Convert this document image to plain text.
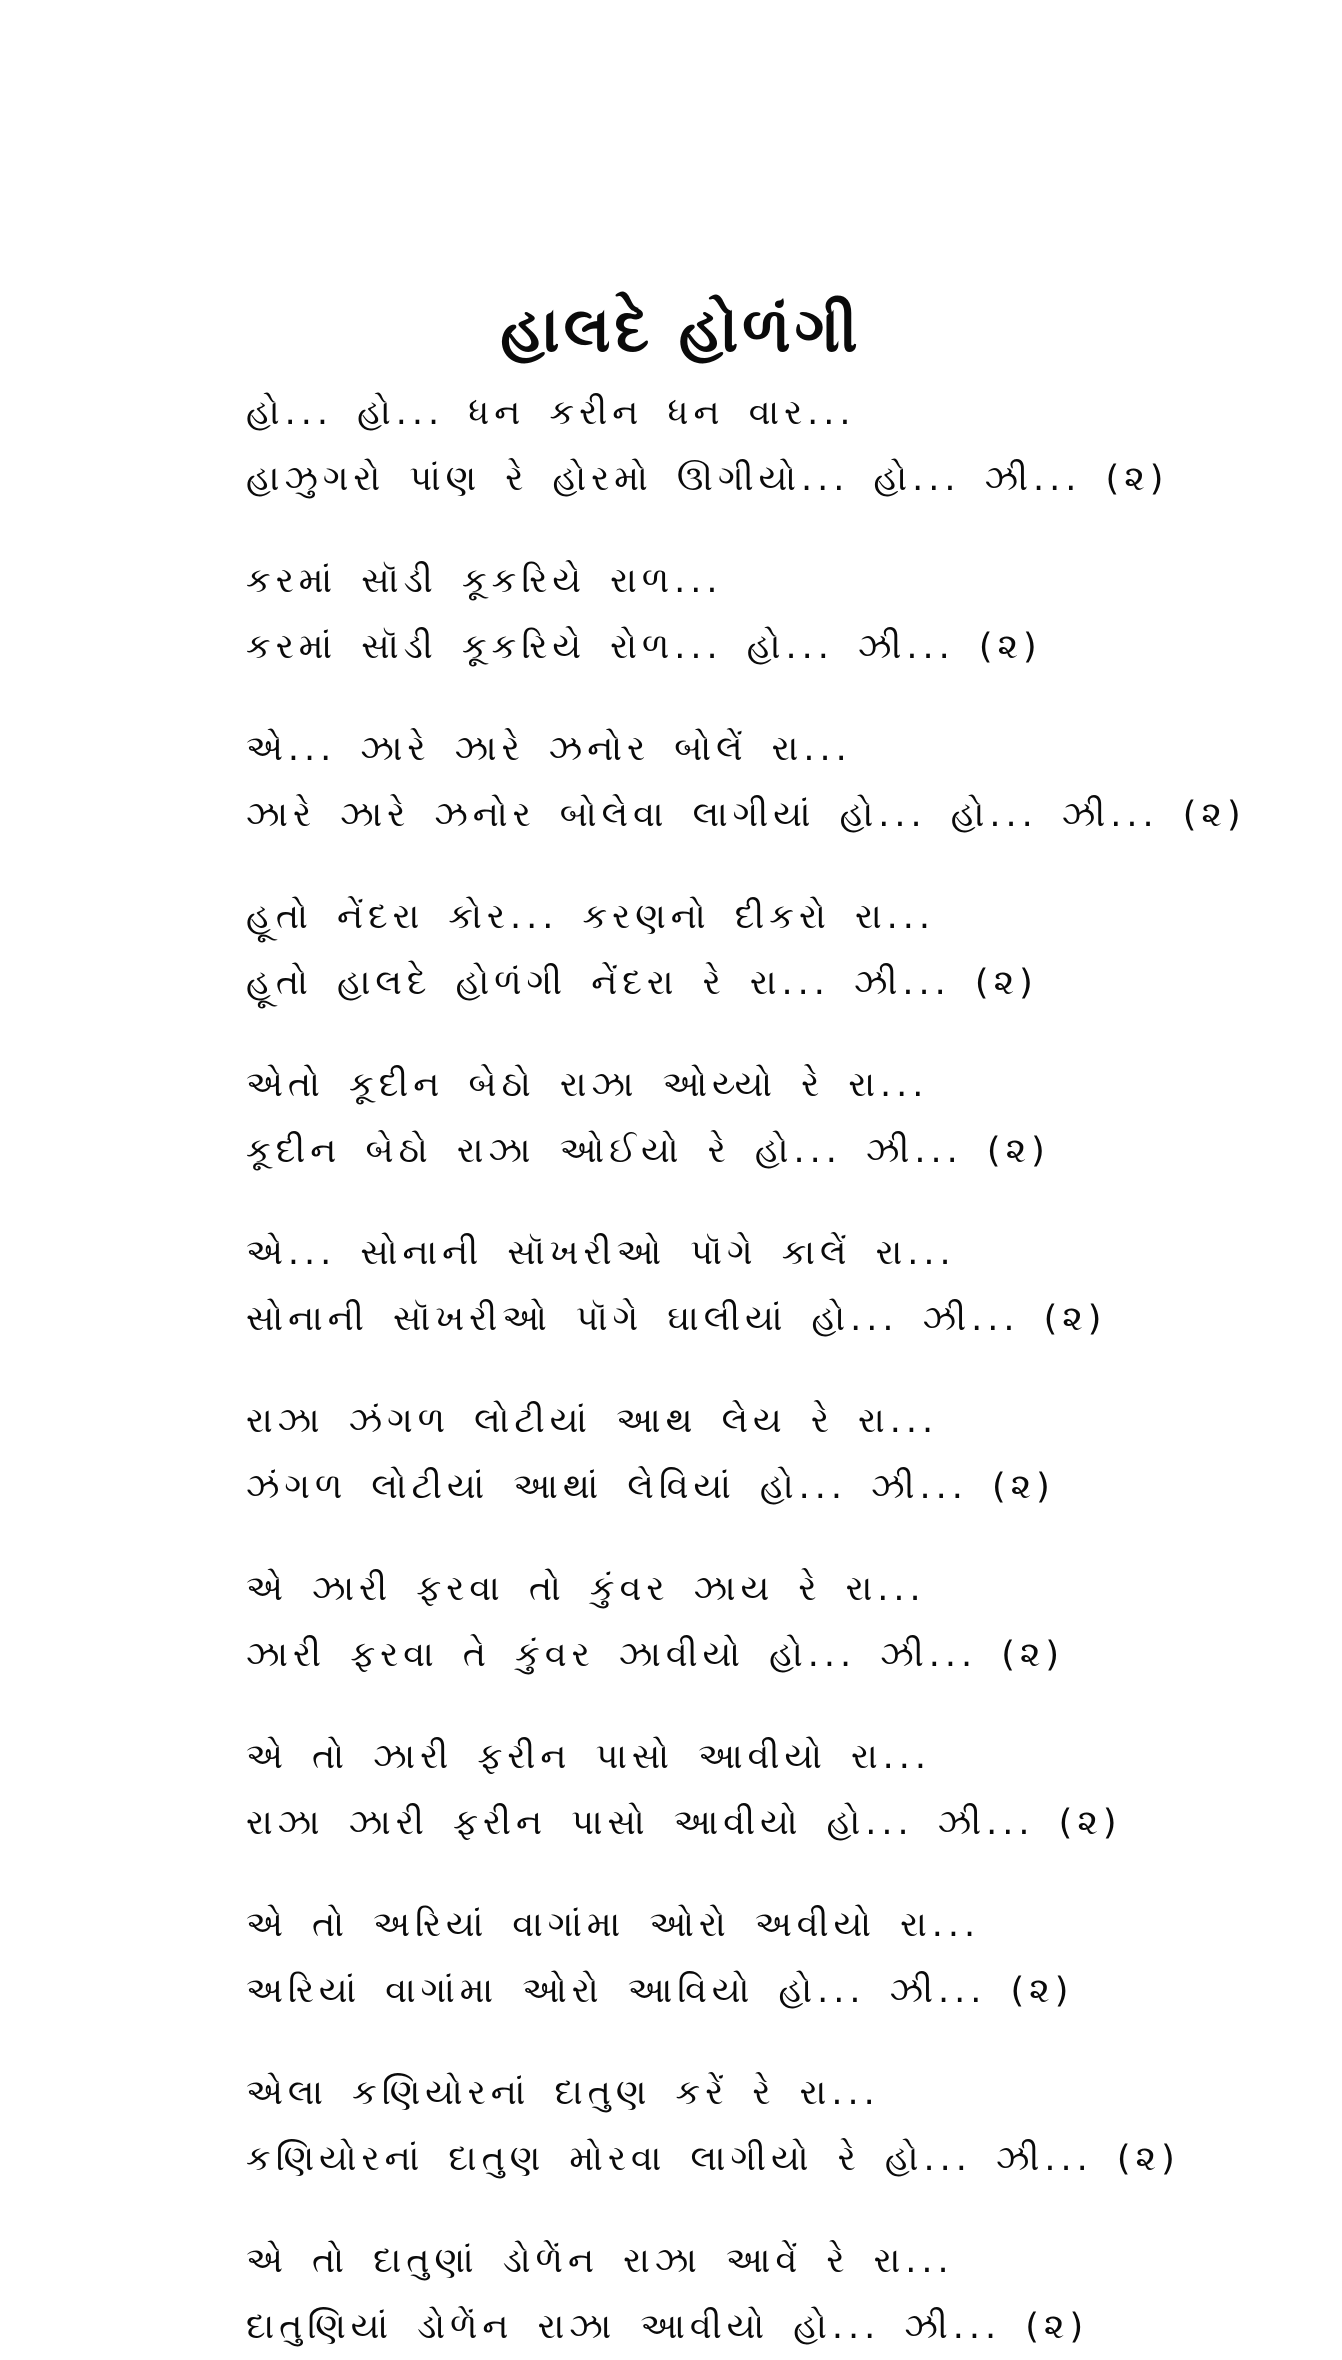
હાલદે હોળંગી
હો... હો... ધન કરીન ધન વાર...
હાઝુગરો પાંણ રે હોરમો ઊગીયો... હો... ઝી... (૨)
કરમાં સૉડી કૂકરિયે રાળ...
કરમાં સૉડી કૂકરિયે રોળ... હો... ઝી... (૨)
એ... ઝારે ઝારે ઝનોર બોલેં રા...
ઝારે ઝારે ઝનોર બોલેવા લાગીયાં હો... હો... ઝી... (૨)
હૂતો નેંદરા કોર... કરણનો દીકરો રા...
હૂતો હાલદે હોળંગી નેંદરા રે રા... ઝી... (૨)
એતો કૂદીન બેઠો રાઝા ઓય્યો રે રા...
કૂદીન બેઠો રાઝા ઓઈયો રે હો... ઝી... (૨)
એ... સોનાની સૉખરીઓ પૉગે કાલેં રા...
સોનાની સૉખરીઓ પૉગે ઘાલીયાં હો... ઝી... (૨)
રાઝા ઝંગળ લોટીયાં આથ લેય રે રા...
ઝંગળ લોટીયાં આથાં લેવિયાં હો... ઝી... (૨)
એ ઝારી ફરવા તો કુંવર ઝાય રે રા...
ઝારી ફરવા તે કુંવર ઝાવીયો હો... ઝી... (૨)
એ તો ઝારી ફરીન પાસો આવીયો રા...
રાઝા ઝારી ફરીન પાસો આવીયો હો... ઝી... (૨)
એ તો અરિયાં વાગાંમા ઓરો અવીયો રા...
અરિયાં વાગાંમા ઓરો આવિયો હો... ઝી... (૨)
એલા કણિયોરનાં દાતુણ કરેં રે રા...
કણિયોરનાં દાતુણ મોરવા લાગીયો રે હો... ઝી... (૨)
એ તો દાતુણાં ડોળેંન રાઝા આવેં રે રા...
દાતુણિયાં ડોળેંન રાઝા આવીયો હો... ઝી... (૨)
